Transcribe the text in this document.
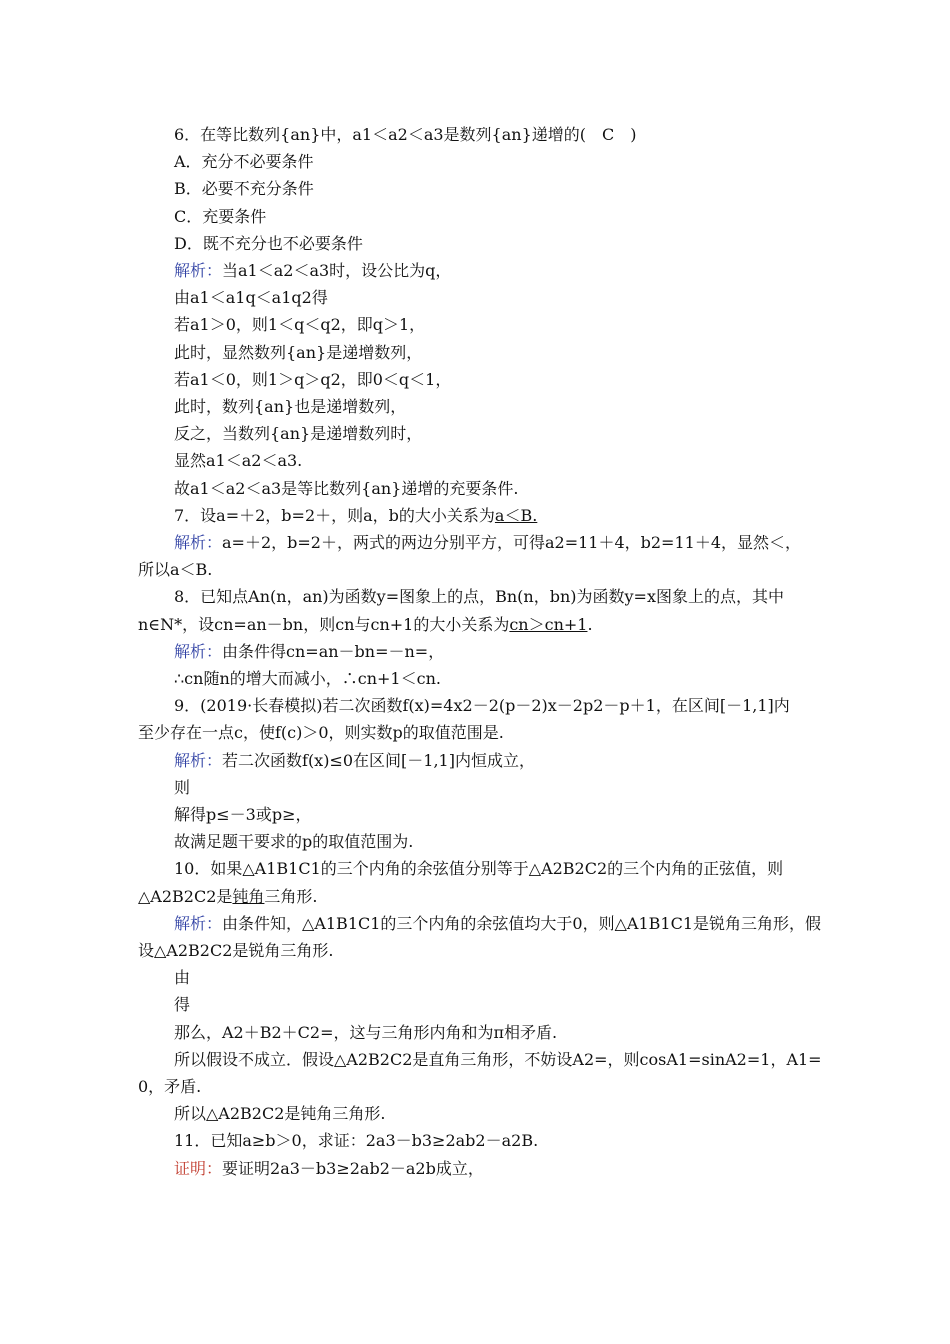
6．在等比数列{an}中，a1＜a2＜a3是数列{an}递增的(　C　)
A．充分不必要条件
B．必要不充分条件
C．充要条件
D．既不充分也不必要条件
解析：当a1＜a2＜a3时，设公比为q，
由a1＜a1q＜a1q2得
若a1＞0，则1＜q＜q2，即q＞1，
此时，显然数列{an}是递增数列，
若a1＜0，则1＞q＞q2，即0＜q＜1，
此时，数列{an}也是递增数列，
反之，当数列{an}是递增数列时，
显然a1＜a2＜a3.
故a1＜a2＜a3是等比数列{an}递增的充要条件.
7．设a=＋2，b=2＋，则a，b的大小关系为a＜B.
解析：a=＋2，b=2＋，两式的两边分别平方，可得a2=11＋4，b2=11＋4，显然＜，
所以a＜B.
8．已知点An(n，an)为函数y=图象上的点，Bn(n，bn)为函数y=x图象上的点，其中
n∈N*，设cn=an－bn，则cn与cn+1的大小关系为cn＞cn+1.
解析：由条件得cn=an－bn=－n=，
∴cn随n的增大而减小，∴cn+1＜cn.
9．(2019·长春模拟)若二次函数f(x)=4x2－2(p－2)x－2p2－p＋1，在区间[－1,1]内
至少存在一点c，使f(c)＞0，则实数p的取值范围是.
解析：若二次函数f(x)≤0在区间[－1,1]内恒成立，
则
解得p≤－3或p≥，
故满足题干要求的p的取值范围为.
10．如果△A1B1C1的三个内角的余弦值分别等于△A2B2C2的三个内角的正弦值，则
△A2B2C2是钝角三角形.
解析：由条件知，△A1B1C1的三个内角的余弦值均大于0，则△A1B1C1是锐角三角形，假
设△A2B2C2是锐角三角形.
由
得
那么，A2＋B2＋C2=，这与三角形内角和为π相矛盾.
所以假设不成立．假设△A2B2C2是直角三角形，不妨设A2=，则cosA1=sinA2=1，A1=
0，矛盾.
所以△A2B2C2是钝角三角形.
11．已知a≥b＞0，求证：2a3－b3≥2ab2－a2B.
证明：要证明2a3－b3≥2ab2－a2b成立，
